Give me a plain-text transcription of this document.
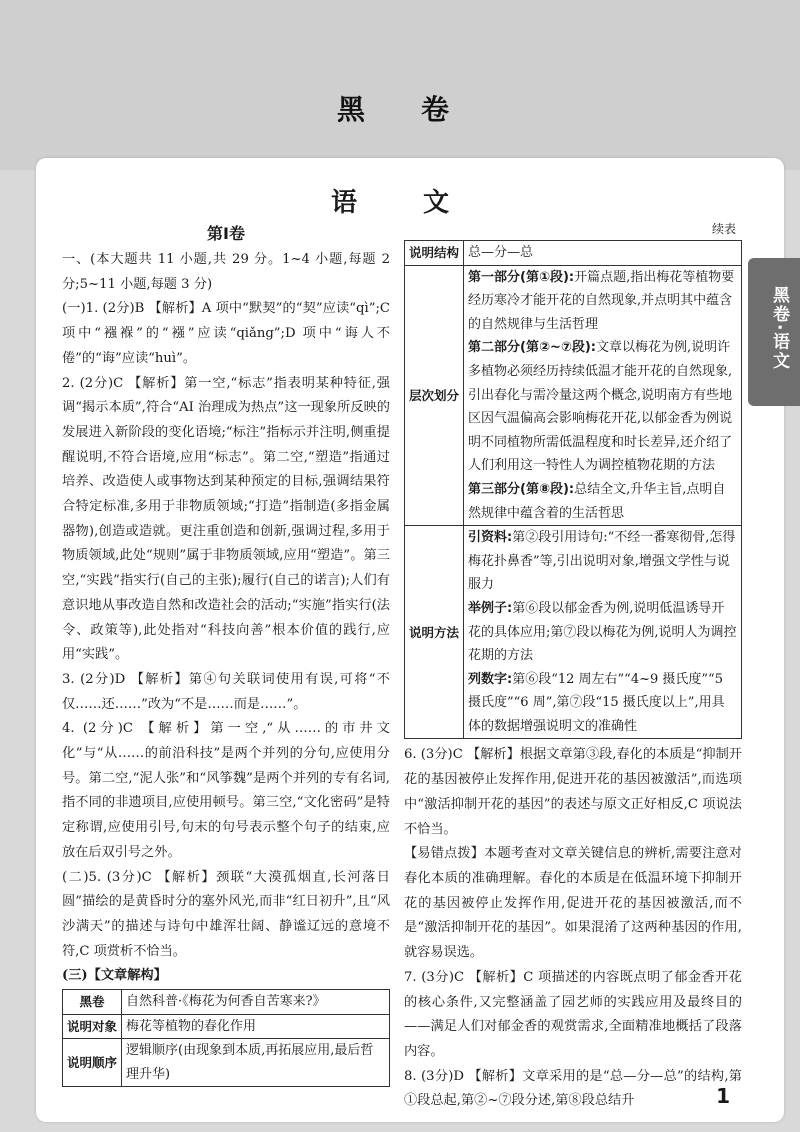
黑　卷
黑卷·语文
语　文
第Ⅰ卷
一、(本大题共 11 小题,共 29 分。1~4 小题,每题 2 分;5~11 小题,每题 3 分)
(一)1. (2分)B 【解析】A 项中“默契”的“契”应读“qì”;C 项中“襁褓”的“襁”应读“qiǎng”;D 项中“诲人不倦”的“诲”应读“huì”。
2. (2分)C 【解析】第一空,“标志”指表明某种特征,强调“揭示本质”,符合“AI 治理成为热点”这一现象所反映的发展进入新阶段的变化语境;“标注”指标示并注明,侧重提醒说明,不符合语境,应用“标志”。第二空,“塑造”指通过培养、改造使人或事物达到某种预定的目标,强调结果符合特定标准,多用于非物质领域;“打造”指制造(多指金属器物),创造或造就。更注重创造和创新,强调过程,多用于物质领域,此处“规则”属于非物质领域,应用“塑造”。第三空,“实践”指实行(自己的主张);履行(自己的诺言);人们有意识地从事改造自然和改造社会的活动;“实施”指实行(法令、政策等),此处指对“科技向善”根本价值的践行,应用“实践”。
3. (2分)D 【解析】第④句关联词使用有误,可将“不仅……还……”改为“不是……而是……”。
4. (2分)C 【解析】第一空,“从……的市井文化”与“从……的前沿科技”是两个并列的分句,应使用分号。第二空,“泥人张”和“风筝魏”是两个并列的专有名词,指不同的非遗项目,应使用顿号。第三空,“文化密码”是特定称谓,应使用引号,句末的句号表示整个句子的结束,应放在后双引号之外。
(二)5. (3分)C 【解析】颈联“大漠孤烟直,长河落日圆”描绘的是黄昏时分的塞外风光,而非“红日初升”,且“风沙满天”的描述与诗句中雄浑壮阔、静谧辽远的意境不符,C 项赏析不恰当。
(三)【文章解构】
黑卷	自然科普·《梅花为何香自苦寒来?》
说明对象	梅花等植物的春化作用
说明顺序	逻辑顺序(由现象到本质,再拓展应用,最后哲理升华)
续表
说明结构	总—分—总
层次划分	第一部分(第①段):开篇点题,指出梅花等植物要经历寒冷才能开花的自然现象,并点明其中蕴含的自然规律与生活哲理
第二部分(第②~⑦段):文章以梅花为例,说明许多植物必须经历持续低温才能开花的自然现象,引出春化与需冷量这两个概念,说明南方有些地区因气温偏高会影响梅花开花,以郁金香为例说明不同植物所需低温程度和时长差异,还介绍了人们利用这一特性人为调控植物花期的方法
第三部分(第⑧段):总结全文,升华主旨,点明自然规律中蕴含着的生活哲思

说明方法	引资料:第②段引用诗句:“不经一番寒彻骨,怎得梅花扑鼻香”等,引出说明对象,增强文学性与说服力
举例子:第⑥段以郁金香为例,说明低温诱导开花的具体应用;第⑦段以梅花为例,说明人为调控花期的方法
列数字:第⑥段“12 周左右”“4~9 摄氏度”“5 摄氏度”“6 周”,第⑦段“15 摄氏度以上”,用具体的数据增强说明文的准确性
6. (3分)C 【解析】根据文章第③段,春化的本质是“抑制开花的基因被停止发挥作用,促进开花的基因被激活”,而选项中“激活抑制开花的基因”的表述与原文正好相反,C 项说法不恰当。
【易错点拨】本题考查对文章关键信息的辨析,需要注意对春化本质的准确理解。春化的本质是在低温环境下抑制开花的基因被停止发挥作用,促进开花的基因被激活,而不是“激活抑制开花的基因”。如果混淆了这两种基因的作用,就容易误选。
7. (3分)C 【解析】C 项描述的内容既点明了郁金香开花的核心条件,又完整涵盖了园艺师的实践应用及最终目的——满足人们对郁金香的观赏需求,全面精准地概括了段落内容。
8. (3分)D 【解析】文章采用的是“总—分—总”的结构,第①段总起,第②~⑦段分述,第⑧段总结升	1
